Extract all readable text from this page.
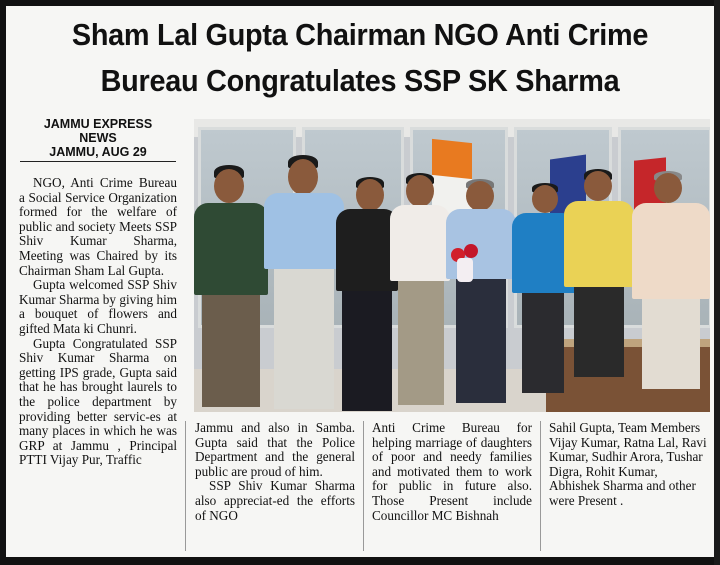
Sham Lal Gupta Chairman NGO Anti Crime
Bureau Congratulates SSP SK Sharma
JAMMU EXPRESS
NEWS
JAMMU, AUG 29

NGO, Anti Crime Bureau a Social Service Organization formed for the welfare of public and society Meets SSP Shiv Kumar Sharma, Meeting was Chaired by its Chairman Sham Lal Gupta.

Gupta welcomed SSP Shiv Kumar Sharma by giving him a bouquet of flowers and gifted Mata ki Chunri.

Gupta Congratulated SSP Shiv Kumar Sharma on getting IPS grade, Gupta said that he has brought laurels to the police department by providing better servic-es at many places in which he was GRP at Jammu , Principal PTTI Vijay Pur, Traffic

Jammu and also in Samba. Gupta said that the Police Department and the general public are proud of him.

SSP Shiv Kumar Sharma also appreciat-ed the efforts of NGO

Anti Crime Bureau for helping marriage of daughters of poor and needy families and motivated them to work for public in future also. Those Present include Councillor MC Bishnah

Sahil Gupta, Team Members Vijay Kumar, Ratna Lal, Ravi Kumar, Sudhir Arora, Tushar Digra, Rohit Kumar, Abhishek Sharma and other were Present .
